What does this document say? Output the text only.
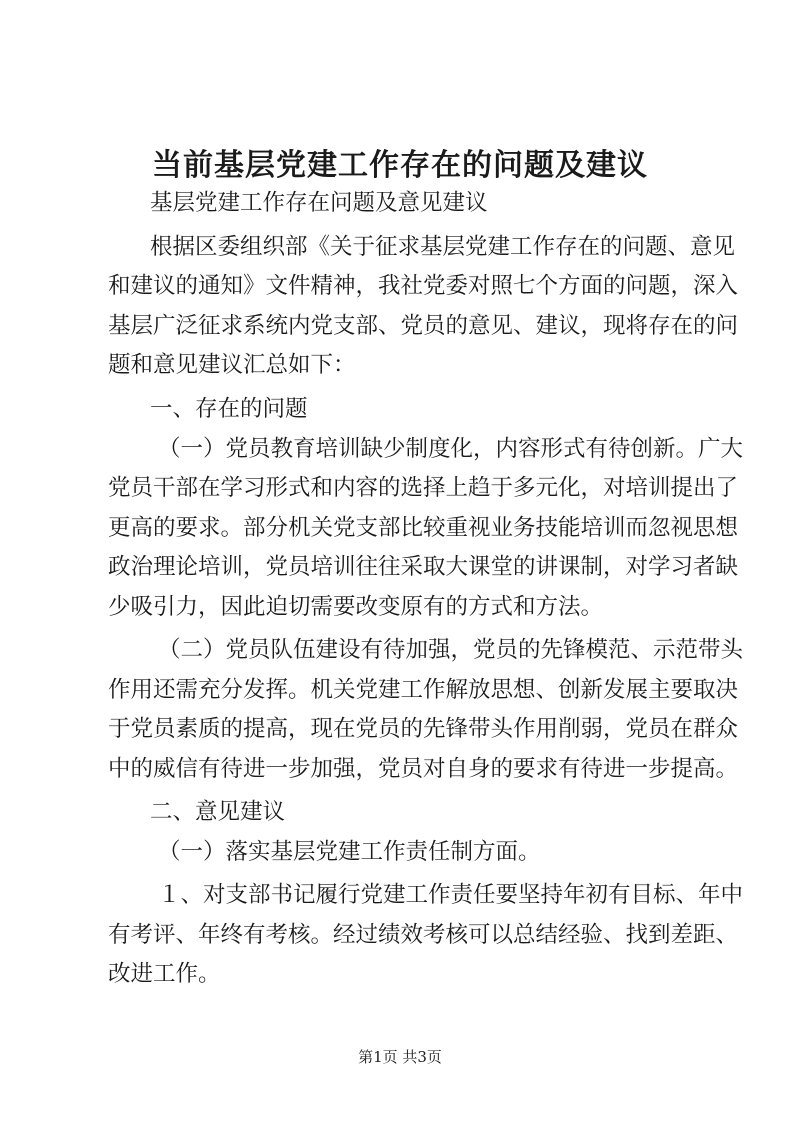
当前基层党建工作存在的问题及建议
基层党建工作存在问题及意见建议
根据区委组织部《关于征求基层党建工作存在的问题、意见
和建议的通知》文件精神，我社党委对照七个方面的问题，深入
基层广泛征求系统内党支部、党员的意见、建议，现将存在的问
题和意见建议汇总如下：
一、存在的问题
（一）党员教育培训缺少制度化，内容形式有待创新。广大
党员干部在学习形式和内容的选择上趋于多元化，对培训提出了
更高的要求。部分机关党支部比较重视业务技能培训而忽视思想
政治理论培训，党员培训往往采取大课堂的讲课制，对学习者缺
少吸引力，因此迫切需要改变原有的方式和方法。
（二）党员队伍建设有待加强，党员的先锋模范、示范带头
作用还需充分发挥。机关党建工作解放思想、创新发展主要取决
于党员素质的提高，现在党员的先锋带头作用削弱，党员在群众
中的威信有待进一步加强，党员对自身的要求有待进一步提高。
二、意见建议
（一）落实基层党建工作责任制方面。
１、对支部书记履行党建工作责任要坚持年初有目标、年中
有考评、年终有考核。经过绩效考核可以总结经验、找到差距、
改进工作。
第1页 共3页
